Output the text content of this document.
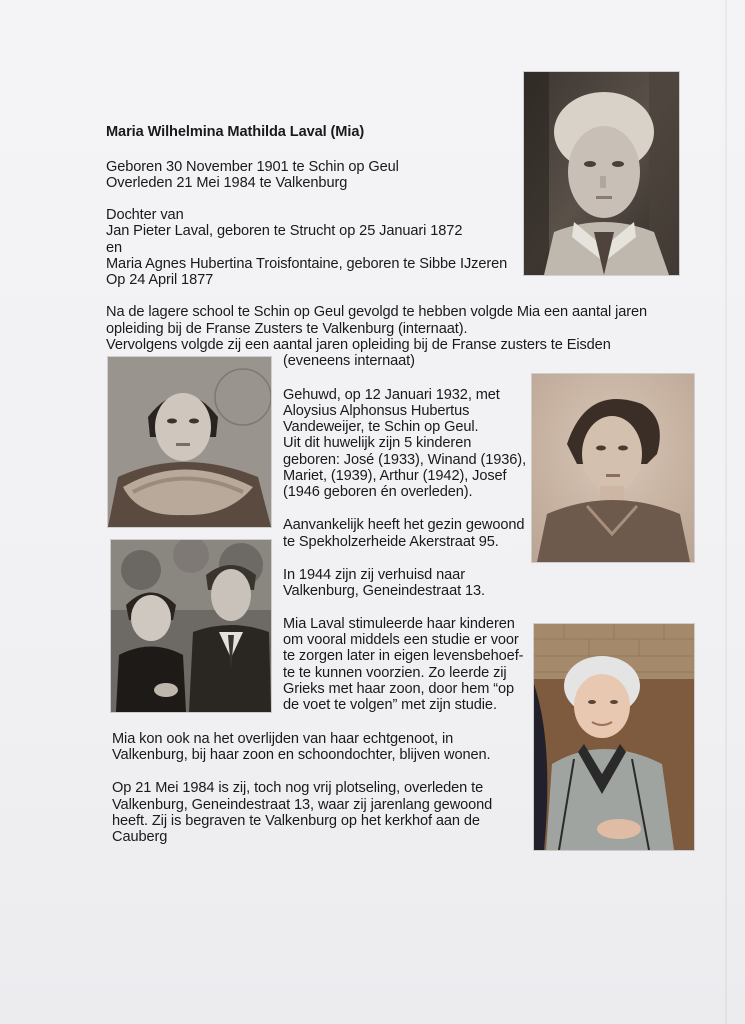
Maria Wilhelmina Mathilda Laval (Mia)

Geboren 30 November 1901 te Schin op Geul

Overleden 21 Mei 1984 te Valkenburg

Dochter van

Jan Pieter Laval, geboren te Strucht op 25 Januari 1872

en

Maria Agnes Hubertina Troisfontaine, geboren te Sibbe IJzeren

Op 24 April 1877

Na de lagere school te Schin op Geul gevolgd te hebben volgde Mia een aantal jaren

opleiding bij de Franse Zusters te Valkenburg (internaat).

Vervolgens volgde zij een aantal jaren opleiding bij de Franse zusters te Eisden

(eveneens internaat)

Gehuwd, op 12 Januari 1932, met

Aloysius Alphonsus Hubertus

Vandeweijer, te Schin op Geul.

Uit dit huwelijk zijn 5 kinderen

geboren: José (1933), Winand (1936),

Mariet, (1939), Arthur (1942), Josef

(1946 geboren én overleden).

Aanvankelijk heeft het gezin gewoond

te Spekholzerheide Akerstraat 95.

In 1944 zijn zij verhuisd naar

Valkenburg, Geneindestraat 13.

Mia Laval stimuleerde haar kinderen

om vooral middels een studie er voor

te zorgen later in eigen levensbehoef-

te te kunnen voorzien. Zo leerde zij

Grieks met haar zoon, door hem “op

de voet te volgen” met zijn studie.

Mia kon ook na het overlijden van haar echtgenoot, in

Valkenburg, bij haar zoon en schoondochter, blijven wonen.

Op 21 Mei 1984 is zij, toch nog vrij plotseling, overleden te

Valkenburg, Geneindestraat 13, waar zij jarenlang gewoond

heeft. Zij is begraven te Valkenburg op het kerkhof aan de

Cauberg
